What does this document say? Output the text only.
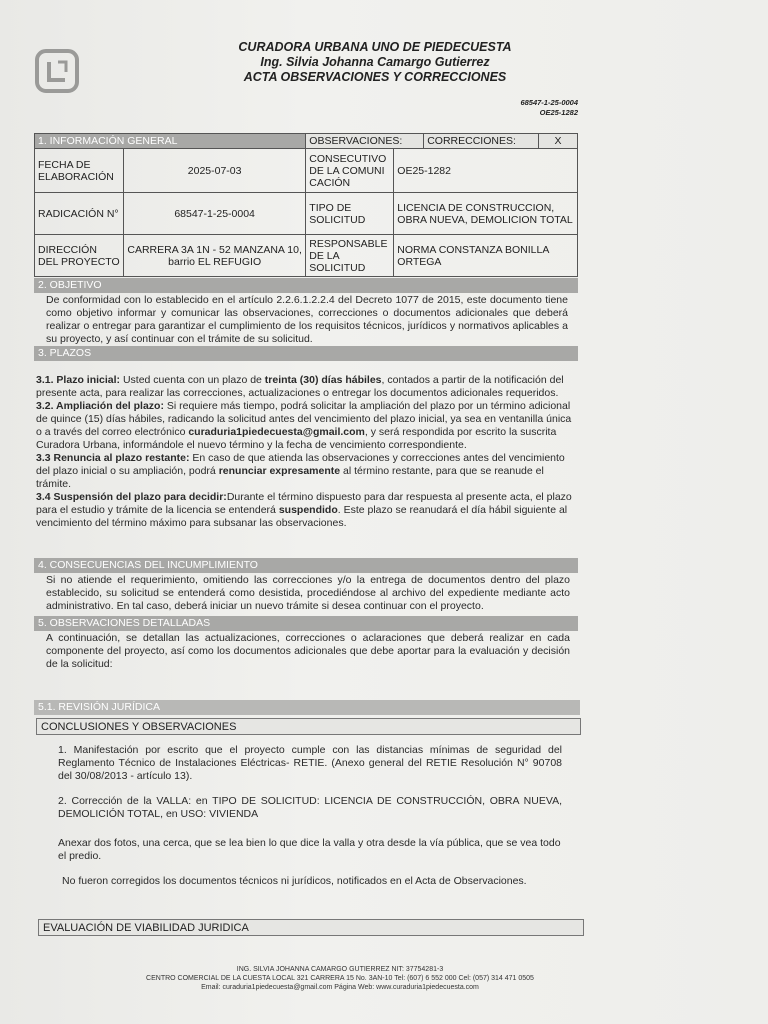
CURADORA URBANA UNO DE PIEDECUESTA
Ing. Silvia Johanna Camargo Gutierrez
ACTA OBSERVACIONES Y CORRECCIONES
68547-1-25-0004
OE25-1282
1. INFORMACIÓN GENERAL		OBSERVACIONES:		CORRECCIONES:	X
FECHA DE ELABORACIÓN	2025-07-03	CONSECUTIVO DE LA COMUNI CACIÓN	OE25-1282		
RADICACIÓN N°	68547-1-25-0004	TIPO DE SOLICITUD	LICENCIA DE CONSTRUCCION, OBRA NUEVA, DEMOLICION TOTAL		
DIRECCIÓN DEL PROYECTO	CARRERA 3A 1N - 52 MANZANA 10, barrio EL REFUGIO	RESPONSABLE DE LA SOLICITUD	NORMA CONSTANZA BONILLA ORTEGA		
2. OBJETIVO
De conformidad con lo establecido en el artículo 2.2.6.1.2.2.4 del Decreto 1077 de 2015, este documento tiene como objetivo informar y comunicar las observaciones, correcciones o documentos adicionales que deberá realizar o entregar para garantizar el cumplimiento de los requisitos técnicos, jurídicos y normativos aplicables a su proyecto, y así continuar con el trámite de su solicitud.
3. PLAZOS

3.1. Plazo inicial: Usted cuenta con un plazo de treinta (30) días hábiles, contados a partir de la notificación del presente acta, para realizar las correcciones, actualizaciones o entregar los documentos adicionales requeridos.

3.2. Ampliación del plazo: Si requiere más tiempo, podrá solicitar la ampliación del plazo por un término adicional de quince (15) días hábiles, radicando la solicitud antes del vencimiento del plazo inicial, ya sea en ventanilla única o a través del correo electrónico curaduria1piedecuesta@gmail.com, y será respondida por escrito la suscrita Curadora Urbana, informándole el nuevo término y la fecha de vencimiento correspondiente.

3.3 Renuncia al plazo restante: En caso de que atienda las observaciones y correcciones antes del vencimiento del plazo inicial o su ampliación, podrá renunciar expresamente al término restante, para que se reanude el trámite.

3.4 Suspensión del plazo para decidir:Durante el término dispuesto para dar respuesta al presente acta, el plazo para el estudio y trámite de la licencia se entenderá suspendido. Este plazo se reanudará el día hábil siguiente al vencimiento del término máximo para subsanar las observaciones.

4. CONSECUENCIAS DEL INCUMPLIMIENTO
Si no atiende el requerimiento, omitiendo las correcciones y/o la entrega de documentos dentro del plazo establecido, su solicitud se entenderá como desistida, procediéndose al archivo del expediente mediante acto administrativo. En tal caso, deberá iniciar un nuevo trámite si desea continuar con el proyecto.
5. OBSERVACIONES DETALLADAS
A continuación, se detallan las actualizaciones, correcciones o aclaraciones que deberá realizar en cada componente del proyecto, así como los documentos adicionales que debe aportar para la evaluación y decisión de la solicitud:
5.1. REVISIÓN JURÍDICA
CONCLUSIONES Y OBSERVACIONES
1. Manifestación por escrito que el proyecto cumple con las distancias mínimas de seguridad del Reglamento Técnico de Instalaciones Eléctricas- RETIE. (Anexo general del RETIE Resolución N° 90708 del 30/08/2013 - artículo 13).
2. Corrección de la VALLA: en TIPO DE SOLICITUD: LICENCIA DE CONSTRUCCIÓN, OBRA NUEVA, DEMOLICIÓN TOTAL, en USO: VIVIENDA
Anexar dos fotos, una cerca, que se lea bien lo que dice la valla y otra desde la vía pública, que se vea todo el predio.
No fueron corregidos los documentos técnicos ni jurídicos, notificados en el Acta de Observaciones.
EVALUACIÓN DE VIABILIDAD JURIDICA
ING. SILVIA JOHANNA CAMARGO GUTIERREZ NIT: 37754281-3
CENTRO COMERCIAL DE LA CUESTA LOCAL 321 CARRERA 15 No. 3AN-10 Tel: (607) 6 552 000 Cel: (057) 314 471 0505
Email: curaduria1piedecuesta@gmail.com Página Web: www.curaduria1piedecuesta.com
